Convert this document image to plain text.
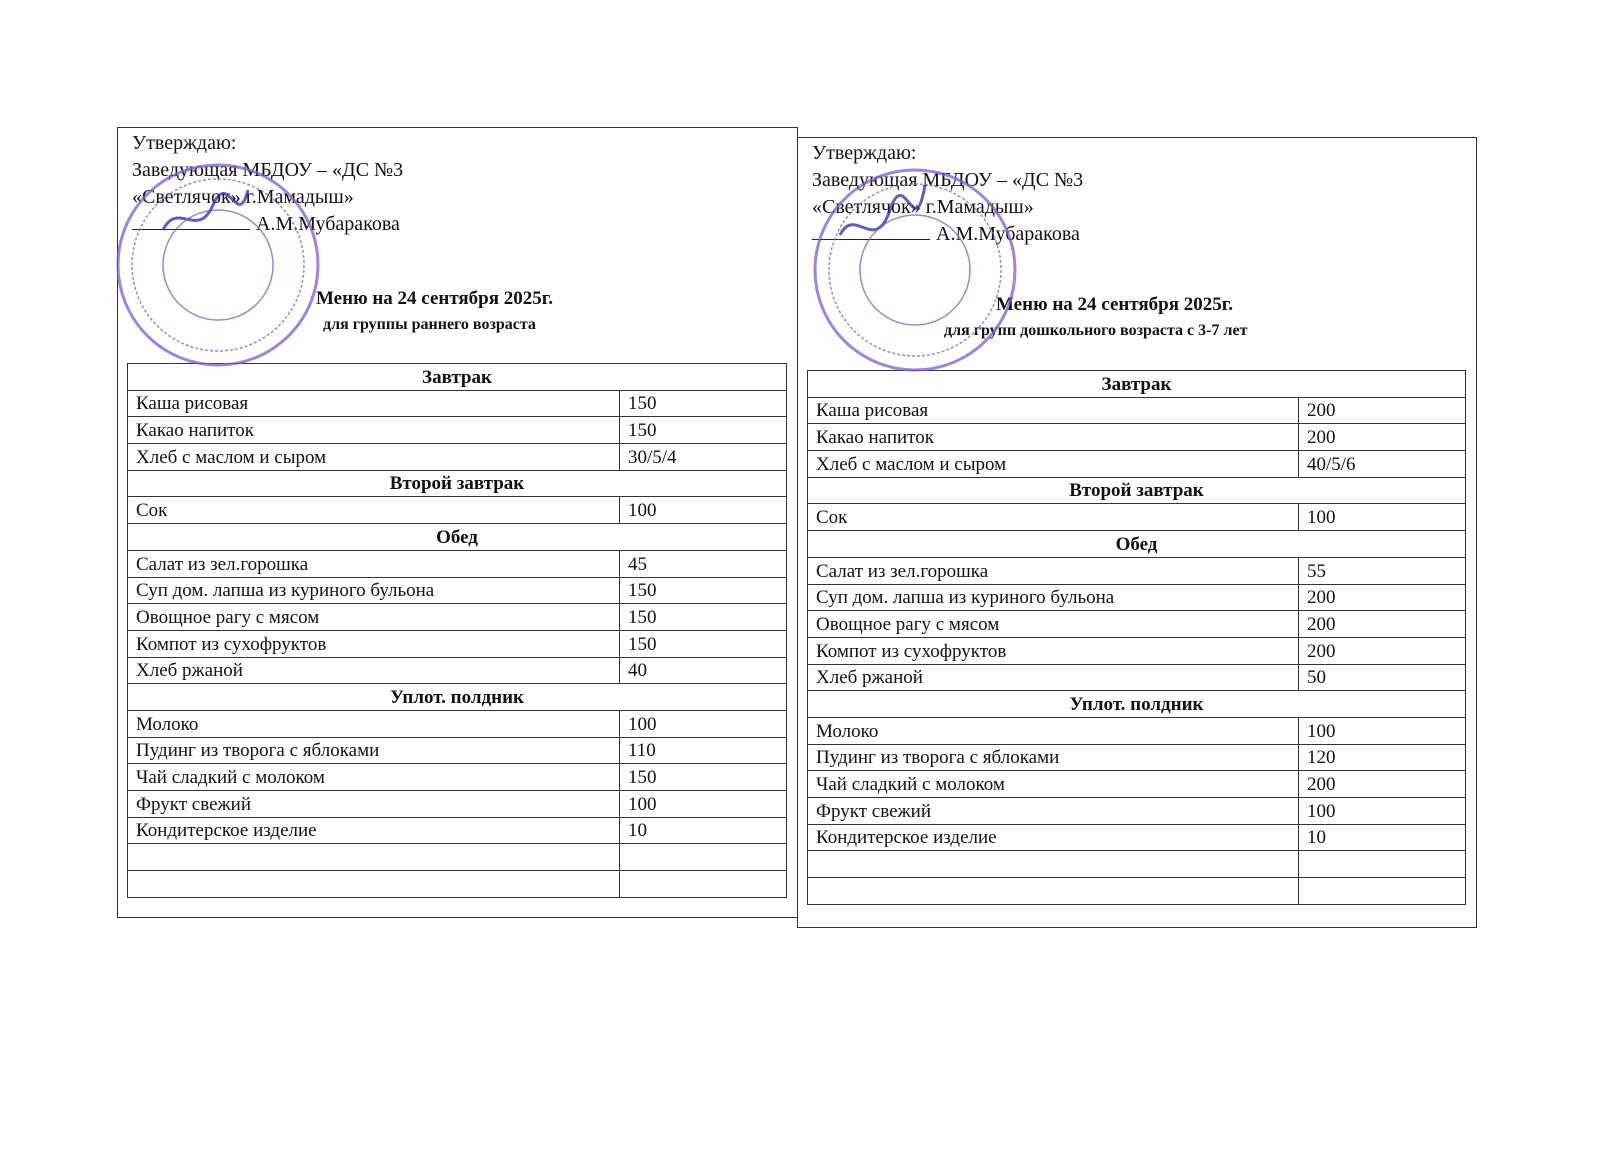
Утверждаю:
Заведующая МБДОУ – «ДС №3
«Светлячок» г.Мамадыш»
А.М.Мубаракова
Меню на 24 сентября 2025г.
для группы раннего возраста
Завтрак	
Каша рисовая	150
Какао напиток	150
Хлеб с маслом и сыром	30/5/4
Второй завтрак	
Сок	100
Обед	
Салат из зел.горошка	45
Суп дом. лапша из куриного бульона	150
Овощное рагу с мясом	150
Компот из сухофруктов	150
Хлеб ржаной	40
Уплот. полдник	
Молоко	100
Пудинг из творога с яблоками	110
Чай сладкий с молоком	150
Фрукт свежий	100
Кондитерское изделие	10

Утверждаю:
Заведующая МБДОУ – «ДС №3
«Светлячок» г.Мамадыш»
А.М.Мубаракова
Меню на 24 сентября 2025г.
для групп дошкольного возраста с 3-7 лет
Завтрак	
Каша рисовая	200
Какао напиток	200
Хлеб с маслом и сыром	40/5/6
Второй завтрак	
Сок	100
Обед	
Салат из зел.горошка	55
Суп дом. лапша из куриного бульона	200
Овощное рагу с мясом	200
Компот из сухофруктов	200
Хлеб ржаной	50
Уплот. полдник	
Молоко	100
Пудинг из творога с яблоками	120
Чай сладкий с молоком	200
Фрукт свежий	100
Кондитерское изделие	10
